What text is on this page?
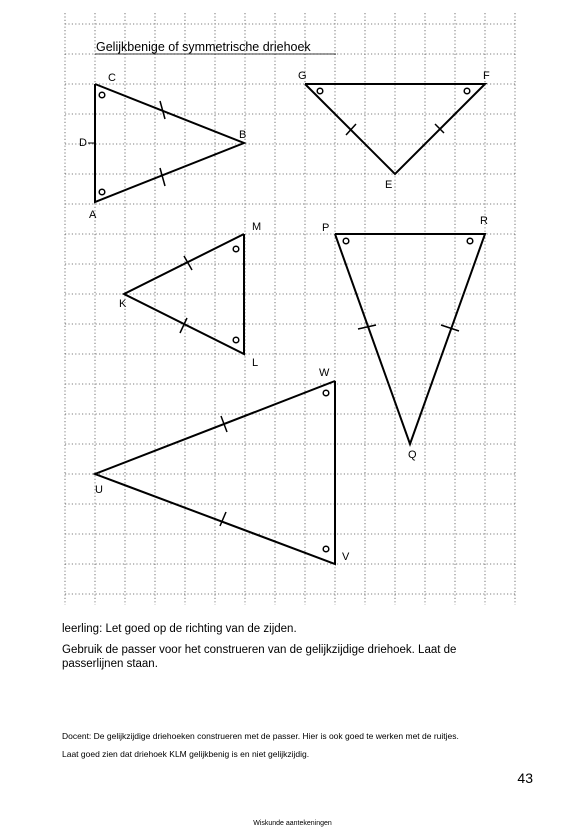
Gelijkbenige of symmetrische driehoek
C
B
A
D
G	F
E
M
K
L
P
R
Q
W
U
V
leerling: Let goed op de richting van de zijden.
Gebruik de passer voor het construeren van de gelijkzijdige driehoek. Laat de
passerlijnen staan.
Docent: De gelijkzijdige driehoeken construeren met de passer. Hier is ook goed te werken met de ruitjes.
Laat goed zien dat driehoek KLM gelijkbenig is en niet gelijkzijdig.
43
Wiskunde aantekeningen
